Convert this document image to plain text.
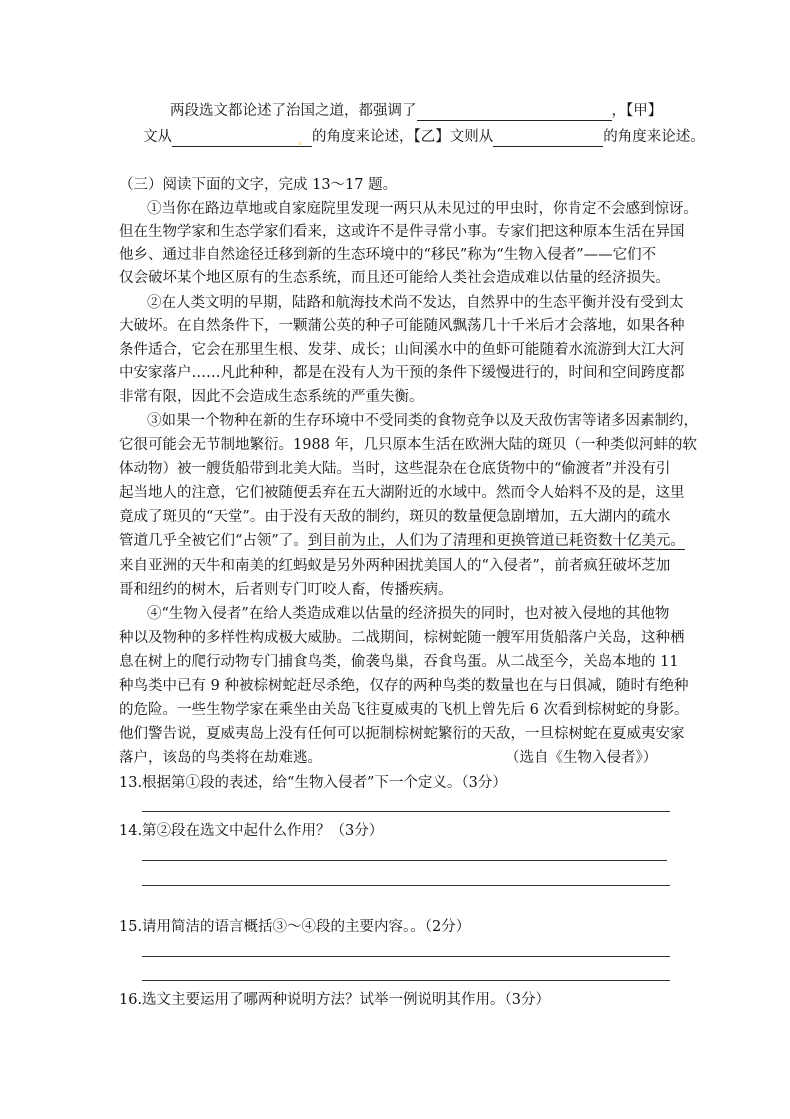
两段选文都论述了治国之道，都强调了	，【甲】
文从	。 的角度来论述，【乙】文则从	的角度来论述。
（三）阅读下面的文字，完成 13～17 题。
①当你在路边草地或自家庭院里发现一两只从未见过的甲虫时，你肯定不会感到惊讶。
但在生物学家和生态学家们看来，这或许不是件寻常小事。专家们把这种原本生活在异国
他乡、通过非自然途径迁移到新的生态环境中的“移民”称为“生物入侵者”——它们不
仅会破坏某个地区原有的生态系统，而且还可能给人类社会造成难以估量的经济损失。
②在人类文明的早期，陆路和航海技术尚不发达，自然界中的生态平衡并没有受到太
大破坏。在自然条件下，一颗蒲公英的种子可能随风飘荡几十千米后才会落地，如果各种
条件适合，它会在那里生根、发芽、成长；山间溪水中的鱼虾可能随着水流游到大江大河
中安家落户……凡此种种，都是在没有人为干预的条件下缓慢进行的，时间和空间跨度都
非常有限，因此不会造成生态系统的严重失衡。
③如果一个物种在新的生存环境中不受同类的食物竞争以及天敌伤害等诸多因素制约，
它很可能会无节制地繁衍。1988 年，几只原本生活在欧洲大陆的斑贝（一种类似河蚌的软
体动物）被一艘货船带到北美大陆。当时，这些混杂在仓底货物中的“偷渡者”并没有引
起当地人的注意，它们被随便丢弃在五大湖附近的水域中。然而令人始料不及的是，这里
竟成了斑贝的“天堂”。由于没有天敌的制约，斑贝的数量便急剧增加，五大湖内的疏水
管道几乎全被它们“占领”了。到目前为止，人们为了清理和更换管道已耗资数十亿美元。
来自亚洲的天牛和南美的红蚂蚁是另外两种困扰美国人的“入侵者”，前者疯狂破坏芝加
哥和纽约的树木，后者则专门叮咬人畜，传播疾病。
④“生物入侵者”在给人类造成难以估量的经济损失的同时，也对被入侵地的其他物
种以及物种的多样性构成极大威胁。二战期间，棕树蛇随一艘军用货船落户关岛，这种栖
息在树上的爬行动物专门捕食鸟类，偷袭鸟巢，吞食鸟蛋。从二战至今，关岛本地的 11
种鸟类中已有 9 种被棕树蛇赶尽杀绝，仅存的两种鸟类的数量也在与日俱减，随时有绝种
的危险。一些生物学家在乘坐由关岛飞往夏威夷的飞机上曾先后 6 次看到棕树蛇的身影。
他们警告说，夏威夷岛上没有任何可以扼制棕树蛇繁衍的天敌，一旦棕树蛇在夏威夷安家
落户，该岛的鸟类将在劫难逃。	（选自《生物入侵者》）
13.根据第①段的表述，给“生物入侵者”下一个定义。（3分）
14.第②段在选文中起什么作用？（3分）
15.请用简洁的语言概括③～④段的主要内容。。（2分）
16.选文主要运用了哪两种说明方法？试举一例说明其作用。（3分）
